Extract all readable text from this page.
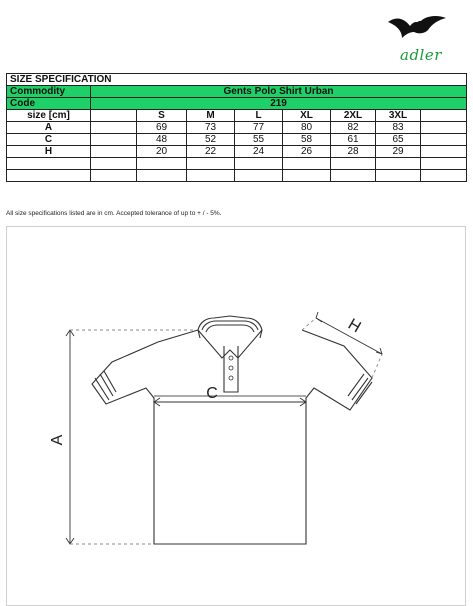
adler
SIZE SPECIFICATION								
Commodity	Gents Polo Shirt Urban							
Code	219							
size [cm]		S	M	L	XL	2XL	3XL	
A		69	73	77	80	82	83	
C		48	52	55	58	61	65	
H		20	22	24	26	28	29	

All size specifications listed are in cm. Accepted tolerance of up to + / - 5%.
A
C
H
